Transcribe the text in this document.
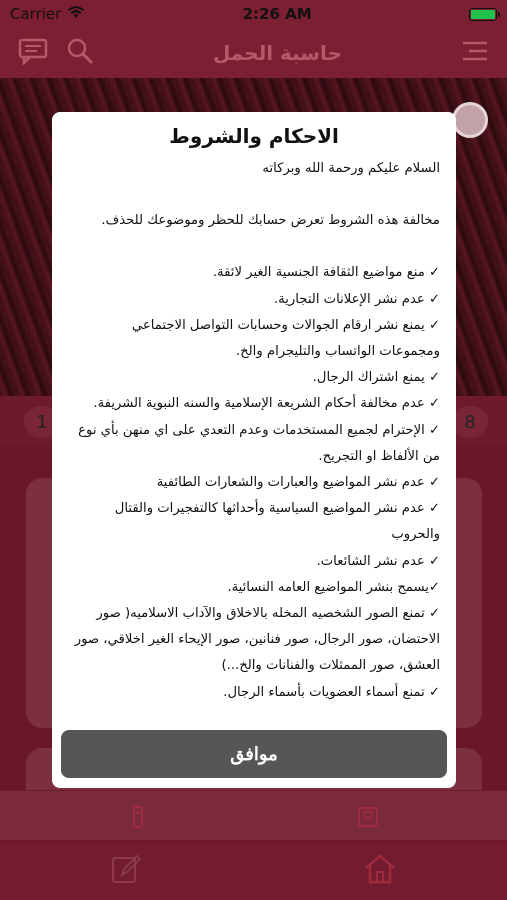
Carrier	2:26 AM
حاسبة الحمل
1	8
الاحكام والشروط

السلام عليكم ورحمة الله وبركاته

مخالفة هذه الشروط تعرض حسابك للحظر وموضوعك للحذف.

✓ منع مواضيع الثقافة الجنسية الغير لائقة.

✓ عدم نشر الإعلانات التجارية.

✓ يمنع نشر ارقام الجوالات وحسابات التواصل الاجتماعي ومجموعات الواتساب والتليجرام والخ.

✓ يمنع اشتراك الرجال.

✓ عدم مخالفة أحكام الشريعة الإسلامية والسنه النبوية الشريفة.

✓ الإحترام لجميع المستخدمات وعدم التعدي على اي منهن بأي نوع من الألفاظ او التجريح.

✓ عدم نشر المواضيع والعبارات والشعارات الطائفية

✓ عدم نشر المواضيع السياسية وأحداثها كالتفجيرات والقتال والحروب

✓ عدم نشر الشائعات.

✓يسمح بنشر المواضيع العامه النسائية.

✓ تمنع الصور الشخصيه المخله بالاخلاق والآداب الاسلاميه( صور الاحتضان، صور الرجال، صور فنانين، صور الإيحاء الغير اخلاقي، صور العشق، صور الممثلات والفنانات والخ...)

✓ تمنع أسماء العضويات بأسماء الرجال.

موافق
